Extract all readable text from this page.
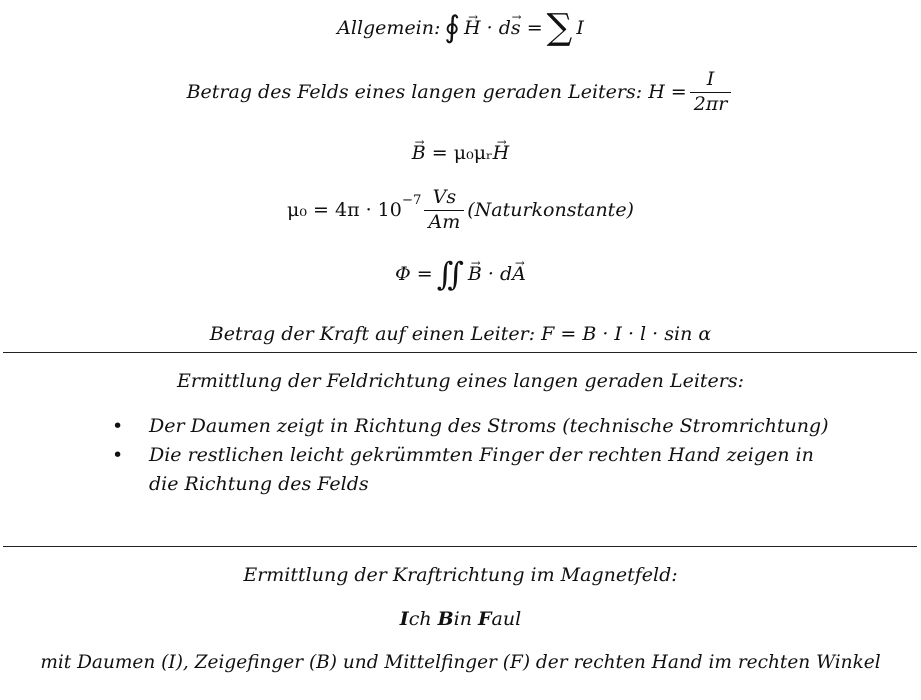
Allgemein: ∮ → H · d → s
= ∑ I
Betrag des Felds eines langen geraden Leiters:
$H = \frac{I}{2\pi r}$
→ B
= μ₀μᵣ → H
$\mu_0 = 4\pi \cdot 10^{-7} \frac{Vs}{Am}$ (Naturkonstante)
Φ = ∬ → B · d → A
Betrag der Kraft auf einen Leiter: F = B · I · l · sin α
Ermittlung der Feldrichtung eines langen geraden Leiters:
• Der Daumen zeigt in Richtung des Stroms (technische Stromrichtung)
• Die restlichen leicht gekrümmten Finger der rechten Hand zeigen in die Richtung des Felds
Ermittlung der Kraftrichtung im Magnetfeld:
Ich Bin Faul
mit Daumen (I), Zeigefinger (B) und Mittelfinger (F) der rechten Hand im rechten Winkel
